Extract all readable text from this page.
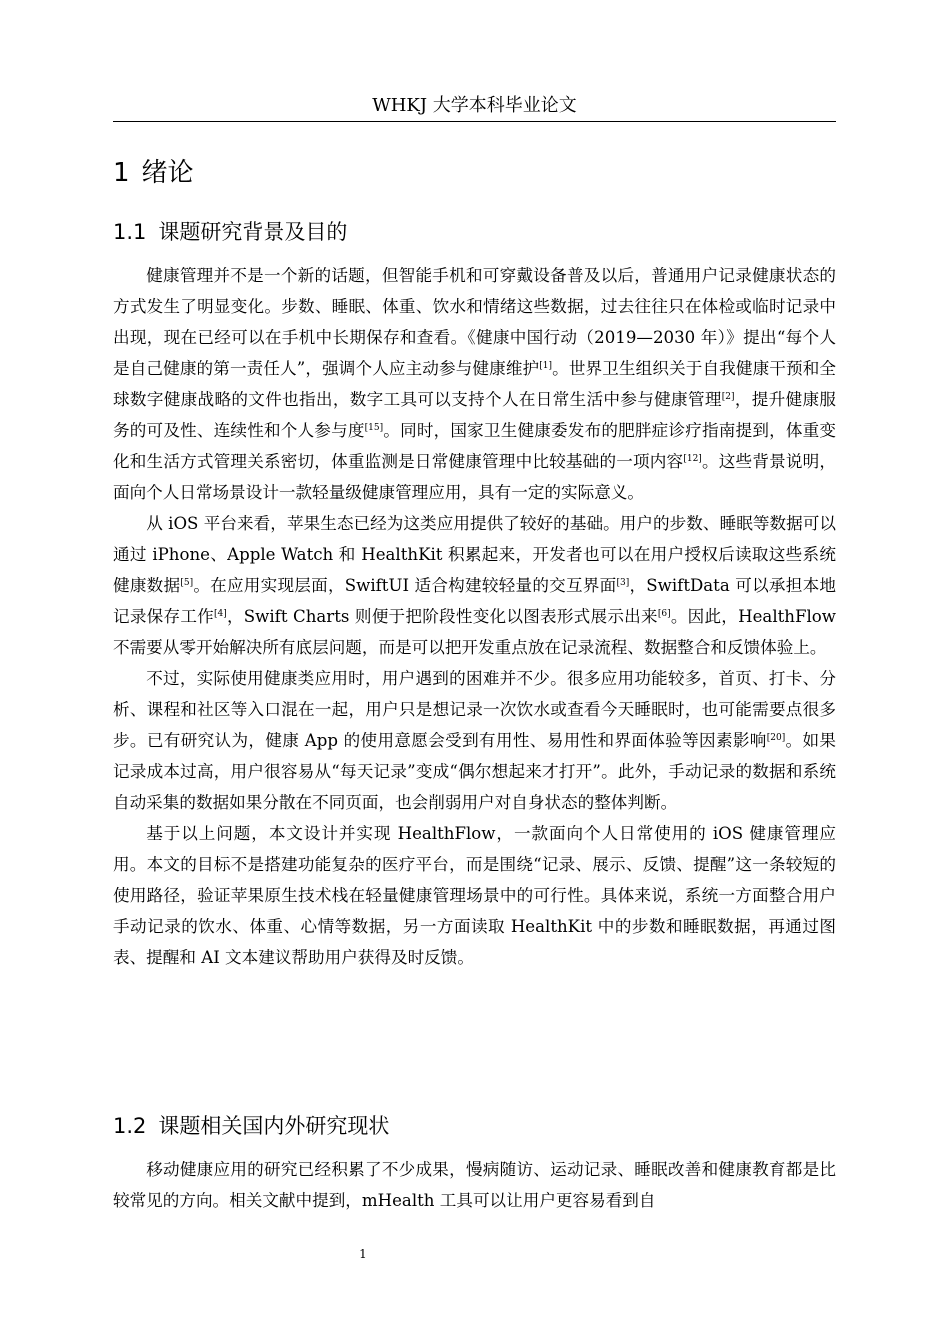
WHKJ 大学本科毕业论文
1 绪论
1.1 课题研究背景及目的

健康管理并不是一个新的话题，但智能手机和可穿戴设备普及以后，普通用户记录健康状态的方式发生了明显变化。步数、睡眠、体重、饮水和情绪这些数据，过去往往只在体检或临时记录中出现，现在已经可以在手机中长期保存和查看。《健康中国行动（2019—2030 年）》提出“每个人是自己健康的第一责任人”，强调个人应主动参与健康维护[1]。世界卫生组织关于自我健康干预和全球数字健康战略的文件也指出，数字工具可以支持个人在日常生活中参与健康管理[2]，提升健康服务的可及性、连续性和个人参与度[15]。同时，国家卫生健康委发布的肥胖症诊疗指南提到，体重变化和生活方式管理关系密切，体重监测是日常健康管理中比较基础的一项内容[12]。这些背景说明，面向个人日常场景设计一款轻量级健康管理应用，具有一定的实际意义。

从 iOS 平台来看，苹果生态已经为这类应用提供了较好的基础。用户的步数、睡眠等数据可以通过 iPhone、Apple Watch 和 HealthKit 积累起来，开发者也可以在用户授权后读取这些系统健康数据[5]。在应用实现层面，SwiftUI 适合构建较轻量的交互界面[3]，SwiftData 可以承担本地记录保存工作[4]，Swift Charts 则便于把阶段性变化以图表形式展示出来[6]。因此，HealthFlow 不需要从零开始解决所有底层问题，而是可以把开发重点放在记录流程、数据整合和反馈体验上。

不过，实际使用健康类应用时，用户遇到的困难并不少。很多应用功能较多，首页、打卡、分析、课程和社区等入口混在一起，用户只是想记录一次饮水或查看今天睡眠时，也可能需要点很多步。已有研究认为，健康 App 的使用意愿会受到有用性、易用性和界面体验等因素影响[20]。如果记录成本过高，用户很容易从“每天记录”变成“偶尔想起来才打开”。此外，手动记录的数据和系统自动采集的数据如果分散在不同页面，也会削弱用户对自身状态的整体判断。

基于以上问题，本文设计并实现 HealthFlow，一款面向个人日常使用的 iOS 健康管理应用。本文的目标不是搭建功能复杂的医疗平台，而是围绕“记录、展示、反馈、提醒”这一条较短的使用路径，验证苹果原生技术栈在轻量健康管理场景中的可行性。具体来说，系统一方面整合用户手动记录的饮水、体重、心情等数据，另一方面读取 HealthKit 中的步数和睡眠数据，再通过图表、提醒和 AI 文本建议帮助用户获得及时反馈。

1.2 课题相关国内外研究现状

移动健康应用的研究已经积累了不少成果，慢病随访、运动记录、睡眠改善和健康教育都是比较常见的方向。相关文献中提到，mHealth 工具可以让用户更容易看到自

1
